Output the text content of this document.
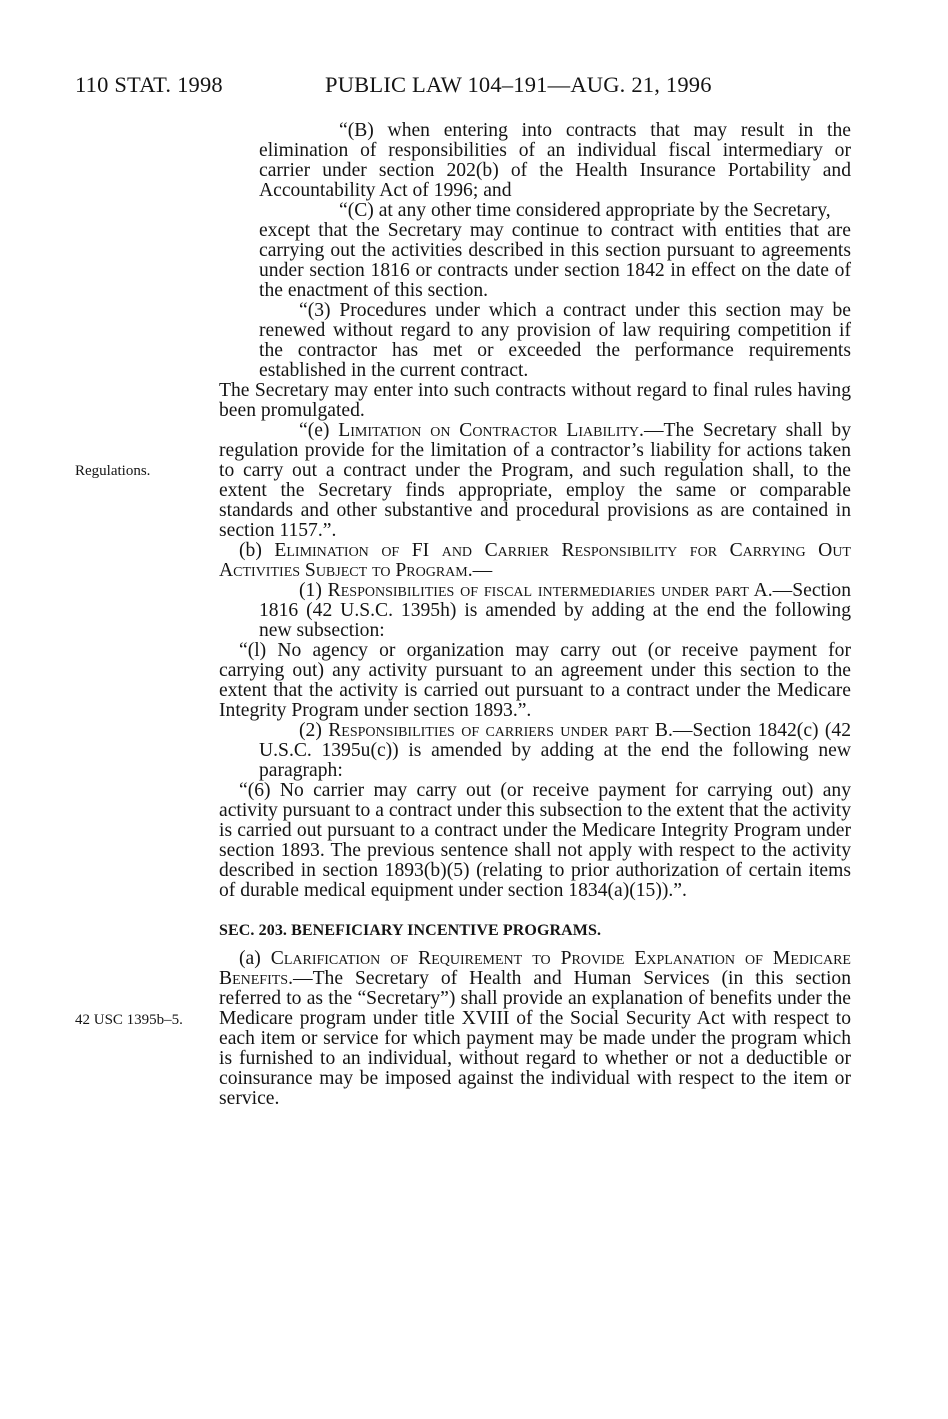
110 STAT. 1998	PUBLIC LAW 104–191—AUG. 21, 1996
Regulations.
42 USC 1395b–5.

“(B) when entering into contracts that may result in the elimination of responsibilities of an individual fiscal intermediary or carrier under section 202(b) of the Health Insurance Portability and Accountability Act of 1996; and

“(C) at any other time considered appropriate by the Secretary,

except that the Secretary may continue to contract with entities that are carrying out the activities described in this section pursuant to agreements under section 1816 or contracts under section 1842 in effect on the date of the enactment of this section.

“(3) Procedures under which a contract under this section may be renewed without regard to any provision of law requiring competition if the contractor has met or exceeded the performance requirements established in the current contract.

The Secretary may enter into such contracts without regard to final rules having been promulgated.

“(e) Limitation on Contractor Liability.—The Secretary shall by regulation provide for the limitation of a contractor’s liability for actions taken to carry out a contract under the Program, and such regulation shall, to the extent the Secretary finds appropriate, employ the same or comparable standards and other substantive and procedural provisions as are contained in section 1157.”.

(b) Elimination of FI and Carrier Responsibility for Carrying Out Activities Subject to Program.—

(1) Responsibilities of fiscal intermediaries under part A.—Section 1816 (42 U.S.C. 1395h) is amended by adding at the end the following new subsection:

“(l) No agency or organization may carry out (or receive payment for carrying out) any activity pursuant to an agreement under this section to the extent that the activity is carried out pursuant to a contract under the Medicare Integrity Program under section 1893.”.

(2) Responsibilities of carriers under part B.—Section 1842(c) (42 U.S.C. 1395u(c)) is amended by adding at the end the following new paragraph:

“(6) No carrier may carry out (or receive payment for carrying out) any activity pursuant to a contract under this subsection to the extent that the activity is carried out pursuant to a contract under the Medicare Integrity Program under section 1893. The previous sentence shall not apply with respect to the activity described in section 1893(b)(5) (relating to prior authorization of certain items of durable medical equipment under section 1834(a)(15)).”.

SEC. 203. BENEFICIARY INCENTIVE PROGRAMS.

(a) Clarification of Requirement to Provide Explanation of Medicare Benefits.—The Secretary of Health and Human Services (in this section referred to as the “Secretary”) shall provide an explanation of benefits under the Medicare program under title XVIII of the Social Security Act with respect to each item or service for which payment may be made under the program which is furnished to an individual, without regard to whether or not a deductible or coinsurance may be imposed against the individual with respect to the item or service.
